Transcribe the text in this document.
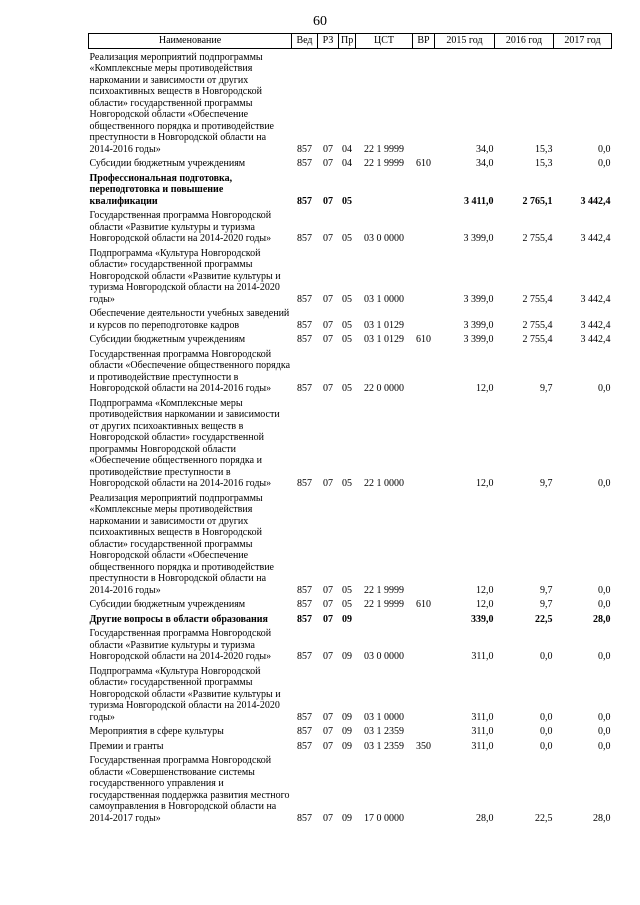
60
Наименование	Вед	РЗ	Пр	ЦСТ	ВР	2015 год	2016 год	2017 год
Реализация мероприятий подпрограммы «Комплексные меры противодействия наркомании и зависимости от других психоактивных веществ в Новгородской области» государственной программы Новгородской области «Обеспечение общественного порядка и противодействие преступности в Новгородской области на 2014-2016 годы»	857	07	04	22 1 9999		34,0	15,3	0,0
Субсидии бюджетным учреждениям	857	07	04	22 1 9999	610	34,0	15,3	0,0
Профессиональная подготовка, переподготовка и повышение квалификации	857	07	05			3 411,0	2 765,1	3 442,4
Государственная программа Новгородской области «Развитие культуры и туризма Новгородской области на 2014-2020 годы»	857	07	05	03 0 0000		3 399,0	2 755,4	3 442,4
Подпрограмма «Культура Новгородской области» государственной программы Новгородской области «Развитие культуры и туризма Новгородской области на 2014-2020 годы»	857	07	05	03 1 0000		3 399,0	2 755,4	3 442,4
Обеспечение деятельности учебных заведений и курсов по переподготовке кадров	857	07	05	03 1 0129		3 399,0	2 755,4	3 442,4
Субсидии бюджетным учреждениям	857	07	05	03 1 0129	610	3 399,0	2 755,4	3 442,4
Государственная программа Новгородской области «Обеспечение общественного порядка и противодействие преступности в Новгородской области на 2014-2016 годы»	857	07	05	22 0 0000		12,0	9,7	0,0
Подпрограмма «Комплексные меры противодействия наркомании и зависимости от других психоактивных веществ в Новгородской области» государственной программы Новгородской области «Обеспечение общественного порядка и противодействие преступности в Новгородской области на 2014-2016 годы»	857	07	05	22 1 0000		12,0	9,7	0,0
Реализация мероприятий подпрограммы «Комплексные меры противодействия наркомании и зависимости от других психоактивных веществ в Новгородской области» государственной программы Новгородской области «Обеспечение общественного порядка и противодействие преступности в Новгородской области на 2014-2016 годы»	857	07	05	22 1 9999		12,0	9,7	0,0
Субсидии бюджетным учреждениям	857	07	05	22 1 9999	610	12,0	9,7	0,0
Другие вопросы в области образования	857	07	09			339,0	22,5	28,0
Государственная программа Новгородской области «Развитие культуры и туризма Новгородской области на 2014-2020 годы»	857	07	09	03 0 0000		311,0	0,0	0,0
Подпрограмма «Культура Новгородской области» государственной программы Новгородской области «Развитие культуры и туризма Новгородской области на 2014-2020 годы»	857	07	09	03 1 0000		311,0	0,0	0,0
Мероприятия в сфере культуры	857	07	09	03 1 2359		311,0	0,0	0,0
Премии и гранты	857	07	09	03 1 2359	350	311,0	0,0	0,0
Государственная программа Новгородской области «Совершенствование системы государственного управления и государственная поддержка развития местного самоуправления в Новгородской области на 2014-2017 годы»	857	07	09	17 0 0000		28,0	22,5	28,0
